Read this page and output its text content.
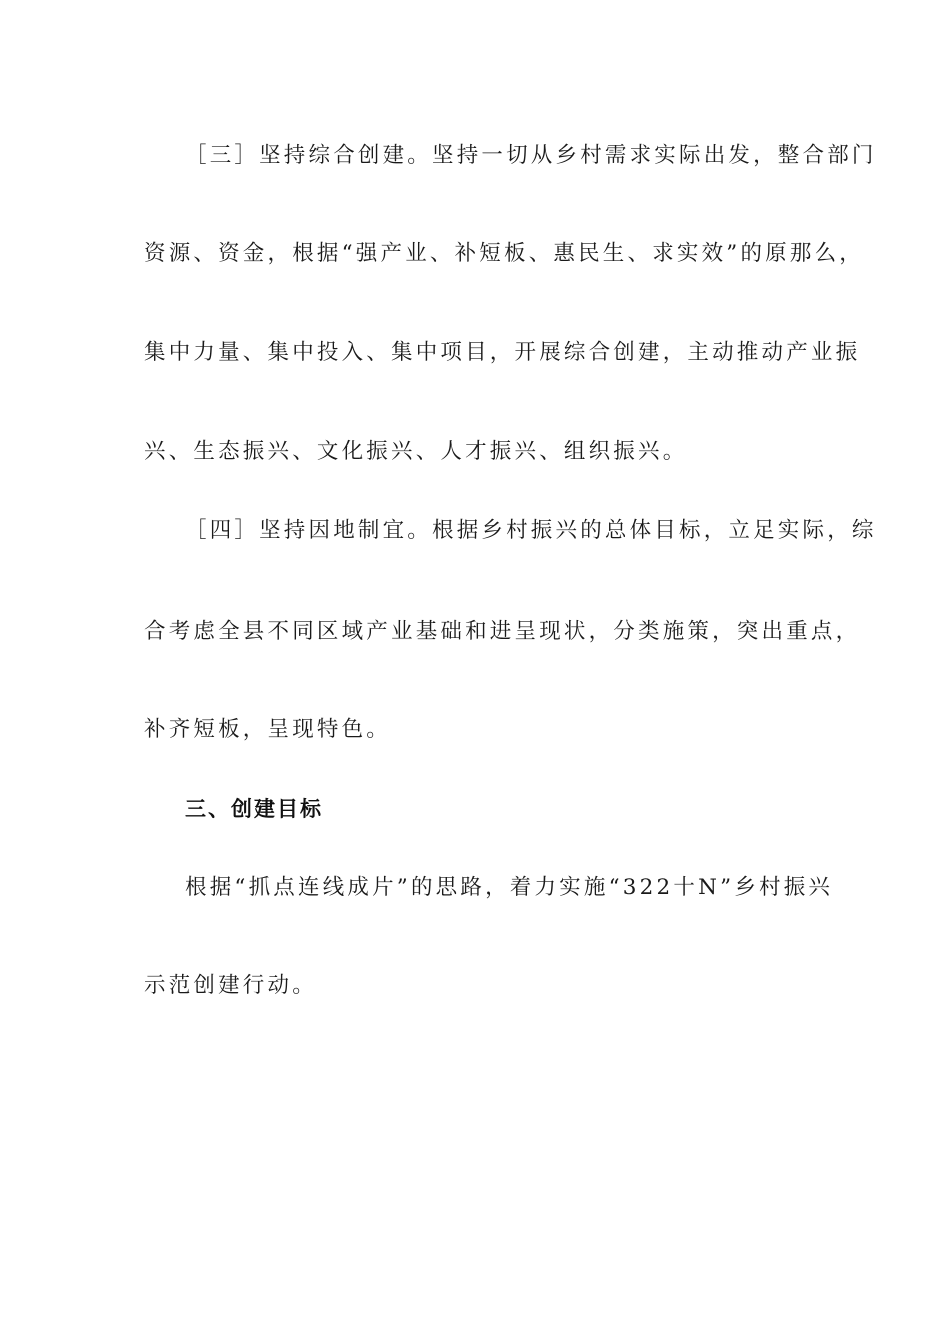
［三］坚持综合创建。坚持一切从乡村需求实际出发，整合部门
资源、资金，根据“强产业、补短板、惠民生、求实效”的原那么，
集中力量、集中投入、集中项目，开展综合创建，主动推动产业振
兴、生态振兴、文化振兴、人才振兴、组织振兴。
［四］坚持因地制宜。根据乡村振兴的总体目标，立足实际，综
合考虑全县不同区域产业基础和进呈现状，分类施策，突出重点，
补齐短板，呈现特色。
三、创建目标
根据“抓点连线成片”的思路，着力实施“322十N”乡村振兴
示范创建行动。
